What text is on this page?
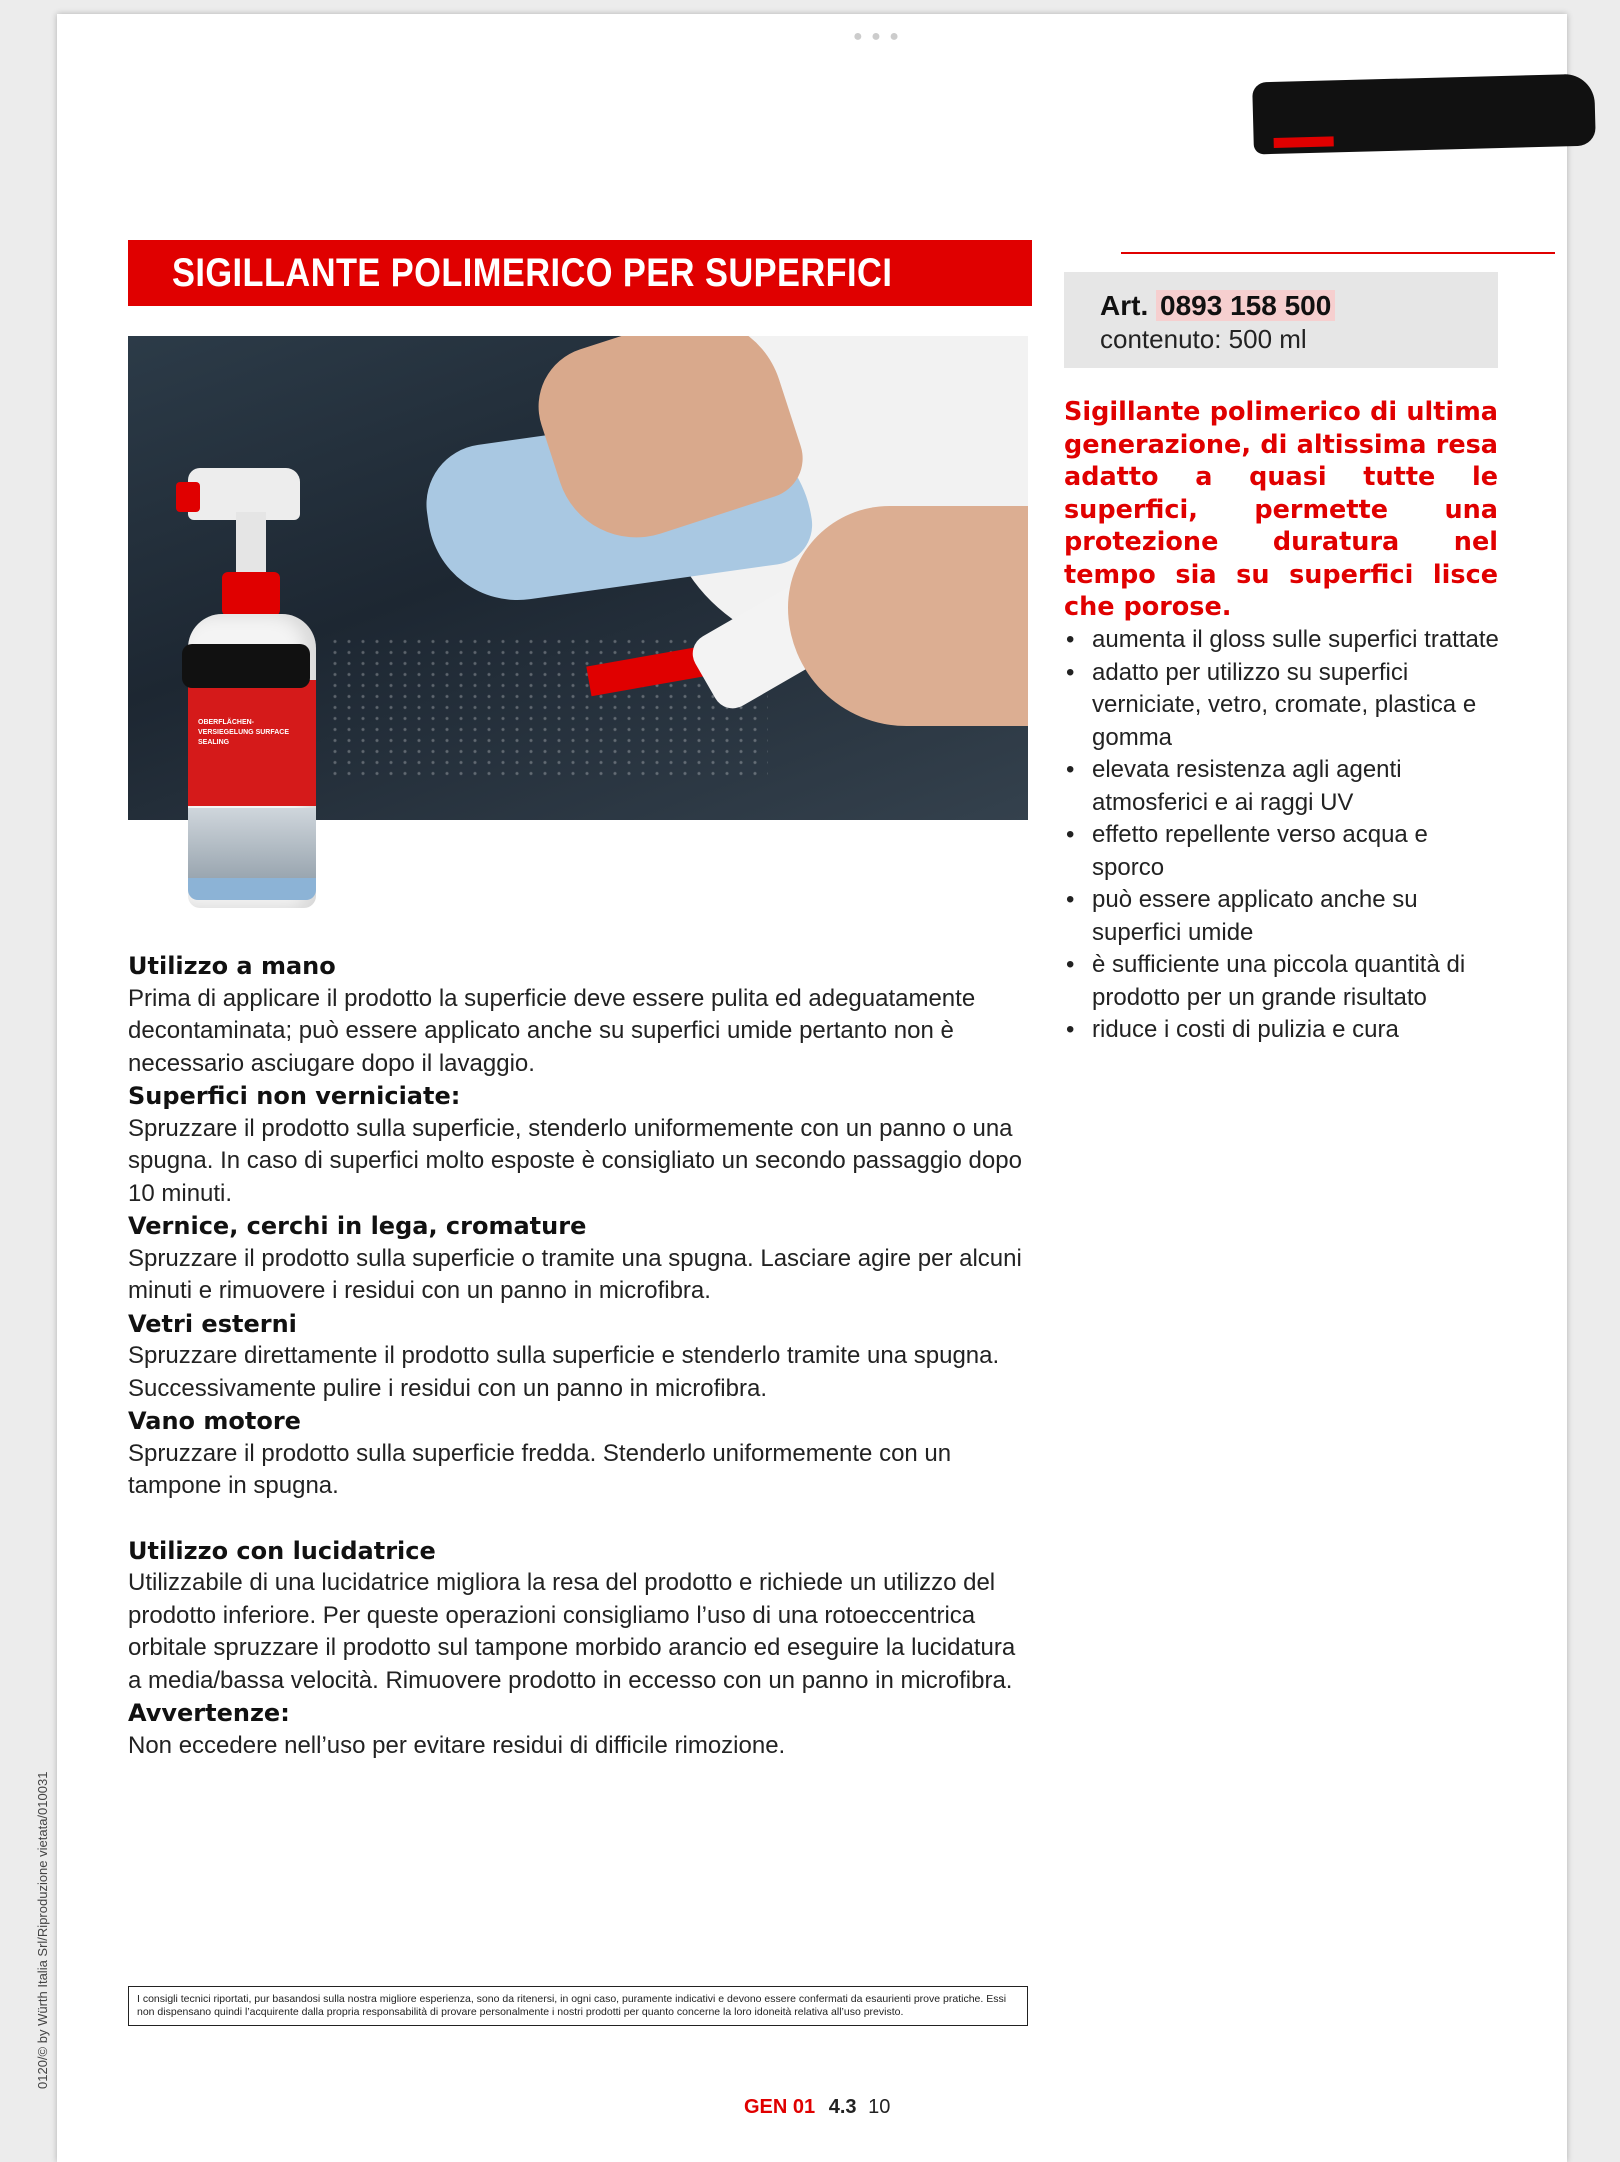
● ● ●
SIGILLANTE POLIMERICO PER SUPERFICI
Art. 0893 158 500
contenuto: 500 ml
Sigillante polimerico di ultima generazione, di altissima resa adatto a quasi tutte le superfici, permette una protezione duratura nel tempo sia su superfici lisce che porose.
• aumenta il gloss sulle superfici trattate
• adatto per utilizzo su superfici verniciate, vetro, cromate, plastica e gomma
• elevata resistenza agli agenti atmosferici e ai raggi UV
• effetto repellente verso acqua e sporco
• può essere applicato anche su superfici umide
• è sufficiente una piccola quantità di prodotto per un grande risultato
• riduce i costi di pulizia e cura
OBERFLÄCHEN-VERSIEGELUNG SURFACE SEALING
Utilizzo a mano

Prima di applicare il prodotto la superficie deve essere pulita ed adeguatamente decontaminata; può essere applicato anche su superfici umide pertanto non è necessario asciugare dopo il lavaggio.

Superfici non verniciate:

Spruzzare il prodotto sulla superficie, stenderlo uniformemente con un panno o una spugna. In caso di superfici molto esposte è consigliato un secondo passaggio dopo 10 minuti.

Vernice, cerchi in lega, cromature

Spruzzare il prodotto sulla superficie o tramite una spugna. Lasciare agire per alcuni minuti e rimuovere i residui con un panno in microfibra.

Vetri esterni

Spruzzare direttamente il prodotto sulla superficie e stenderlo tramite una spugna. Successivamente pulire i residui con un panno in microfibra.

Vano motore

Spruzzare il prodotto sulla superficie fredda. Stenderlo uniformemente con un tampone in spugna.

Utilizzo con lucidatrice

Utilizzabile di una lucidatrice migliora la resa del prodotto e richiede un utilizzo del prodotto inferiore. Per queste operazioni consigliamo l’uso di una rotoeccentrica orbitale spruzzare il prodotto sul tampone morbido arancio ed eseguire la lucidatura a media/bassa velocità. Rimuovere prodotto in eccesso con un panno in microfibra.

Avvertenze:

Non eccedere nell’uso per evitare residui di difficile rimozione.

0120/© by Würth Italia Srl/Riproduzione vietata/010031	I consigli tecnici riportati, pur basandosi sulla nostra migliore esperienza, sono da ritenersi, in ogni caso, puramente indicativi e devono essere confermati da esaurienti prove pratiche. Essi non dispensano quindi l’acquirente dalla propria responsabilità di provare personalmente i nostri prodotti per quanto concerne la loro idoneità relativa all’uso previsto.
GEN 01 4.3 10
